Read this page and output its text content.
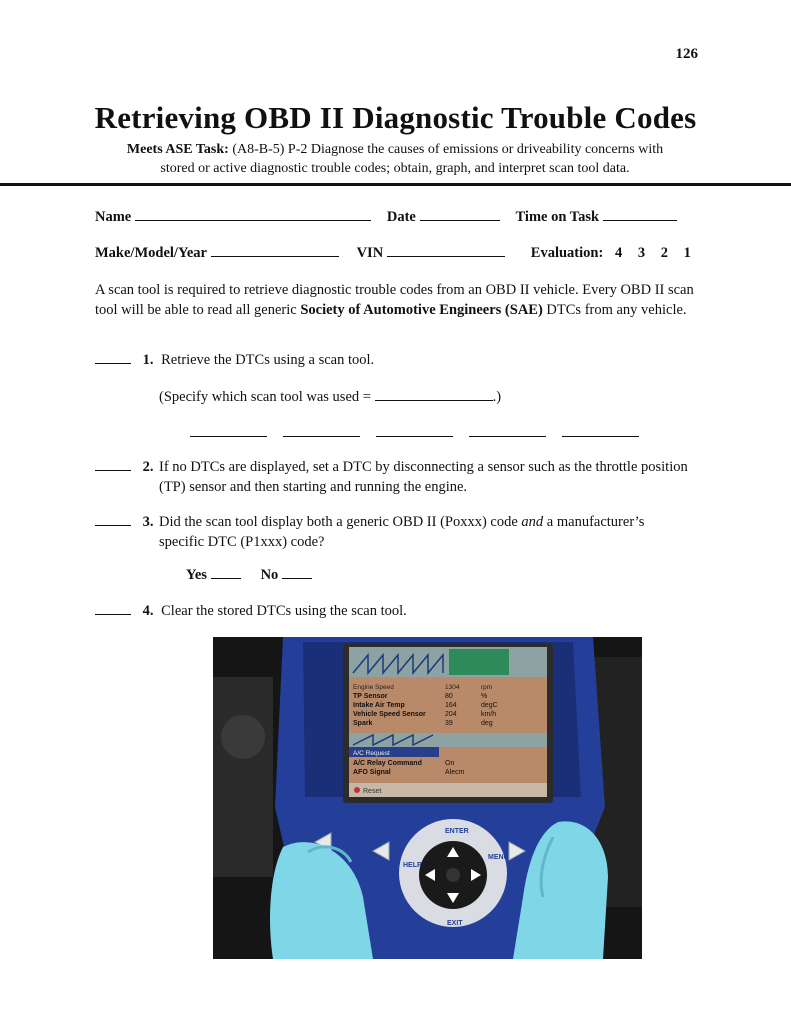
126
Retrieving OBD II Diagnostic Trouble Codes
Meets ASE Task: (A8-B-5) P-2 Diagnose the causes of emissions or driveability concerns with
stored or active diagnostic trouble codes; obtain, graph, and interpret scan tool data.
Name	Date	Time on Task
Make/Model/Year	VIN	Evaluation: 4 3 2 1
A scan tool is required to retrieve diagnostic trouble codes from an OBD II vehicle. Every OBD II scan tool will be able to read all generic Society of Automotive Engineers (SAE) DTCs from any vehicle.
1. Retrieve the DTCs using a scan tool.
(Specify which scan tool was used =	.)
2. If no DTCs are displayed, set a DTC by disconnecting a sensor such as the throttle position (TP) sensor and then starting and running the engine.
3. Did the scan tool display both a generic OBD II (Poxxx) code and a manufacturer’s specific DTC (P1xxx) code?
Yes	No
4. Clear the stored DTCs using the scan tool.
Engine Speed	1304	rpm
TP Sensor	80	%
Intake Air Temp	164	degC
Vehicle Speed Sensor	204	km/h
Spark	39	deg
A/C Request
A/C Relay Command	On
AFO Signal	Alecm
Reset
ENTER
HELP
MENU
EXIT
